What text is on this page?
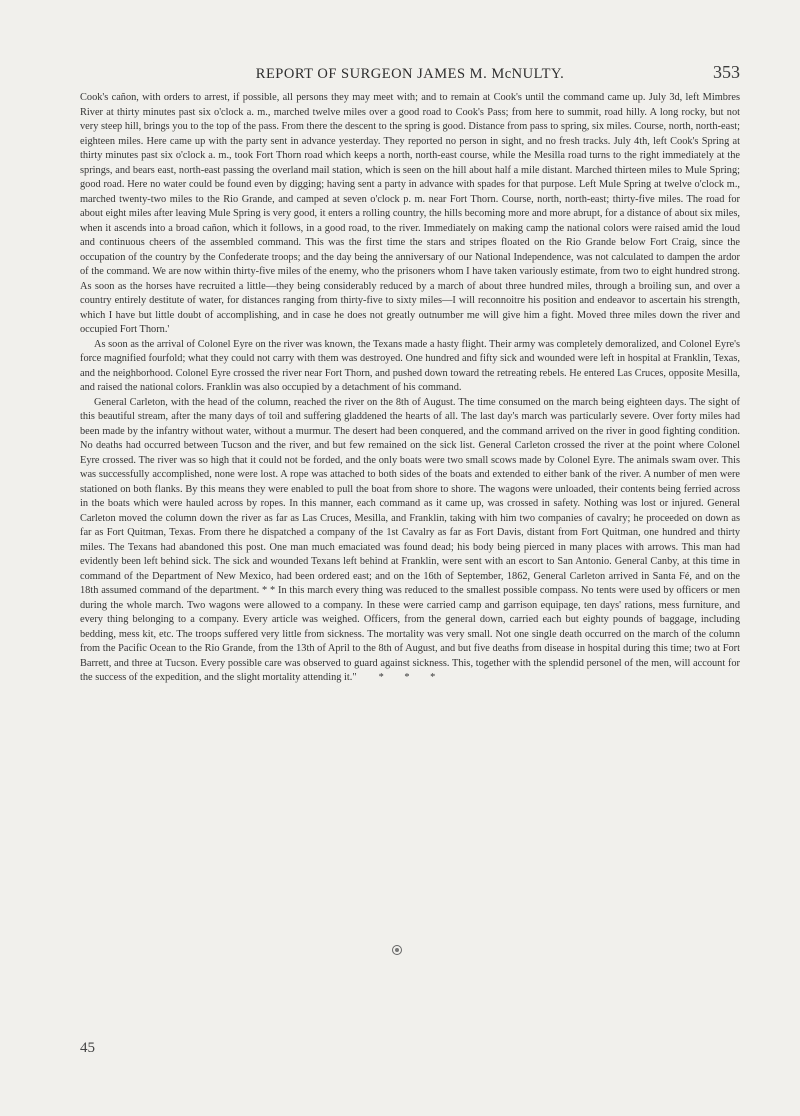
REPORT OF SURGEON JAMES M. McNULTY.	353

Cook's cañon, with orders to arrest, if possible, all persons they may meet with; and to remain at Cook's until the command came up. July 3d, left Mimbres River at thirty minutes past six o'clock a. m., marched twelve miles over a good road to Cook's Pass; from here to summit, road hilly. A long rocky, but not very steep hill, brings you to the top of the pass. From there the descent to the spring is good. Distance from pass to spring, six miles. Course, north, north-east; eighteen miles. Here came up with the party sent in advance yesterday. They reported no person in sight, and no fresh tracks. July 4th, left Cook's Spring at thirty minutes past six o'clock a. m., took Fort Thorn road which keeps a north, north-east course, while the Mesilla road turns to the right immediately at the springs, and bears east, north-east passing the overland mail station, which is seen on the hill about half a mile distant. Marched thirteen miles to Mule Spring; good road. Here no water could be found even by digging; having sent a party in advance with spades for that purpose. Left Mule Spring at twelve o'clock m., marched twenty-two miles to the Rio Grande, and camped at seven o'clock p. m. near Fort Thorn. Course, north, north-east; thirty-five miles. The road for about eight miles after leaving Mule Spring is very good, it enters a rolling country, the hills becoming more and more abrupt, for a distance of about six miles, when it ascends into a broad cañon, which it follows, in a good road, to the river. Immediately on making camp the national colors were raised amid the loud and continuous cheers of the assembled command. This was the first time the stars and stripes floated on the Rio Grande below Fort Craig, since the occupation of the country by the Confederate troops; and the day being the anniversary of our National Independence, was not calculated to dampen the ardor of the command. We are now within thirty-five miles of the enemy, who the prisoners whom I have taken variously estimate, from two to eight hundred strong. As soon as the horses have recruited a little—they being considerably reduced by a march of about three hundred miles, through a broiling sun, and over a country entirely destitute of water, for distances ranging from thirty-five to sixty miles—I will reconnoitre his position and endeavor to ascertain his strength, which I have but little doubt of accomplishing, and in case he does not greatly outnumber me will give him a fight. Moved three miles down the river and occupied Fort Thorn.'

As soon as the arrival of Colonel Eyre on the river was known, the Texans made a hasty flight. Their army was completely demoralized, and Colonel Eyre's force magnified fourfold; what they could not carry with them was destroyed. One hundred and fifty sick and wounded were left in hospital at Franklin, Texas, and the neighborhood. Colonel Eyre crossed the river near Fort Thorn, and pushed down toward the retreating rebels. He entered Las Cruces, opposite Mesilla, and raised the national colors. Franklin was also occupied by a detachment of his command.

General Carleton, with the head of the column, reached the river on the 8th of August. The time consumed on the march being eighteen days. The sight of this beautiful stream, after the many days of toil and suffering gladdened the hearts of all. The last day's march was particularly severe. Over forty miles had been made by the infantry without water, without a murmur. The desert had been conquered, and the command arrived on the river in good fighting condition. No deaths had occurred between Tucson and the river, and but few remained on the sick list. General Carleton crossed the river at the point where Colonel Eyre crossed. The river was so high that it could not be forded, and the only boats were two small scows made by Colonel Eyre. The animals swam over. This was successfully accomplished, none were lost. A rope was attached to both sides of the boats and extended to either bank of the river. A number of men were stationed on both flanks. By this means they were enabled to pull the boat from shore to shore. The wagons were unloaded, their contents being ferried across in the boats which were hauled across by ropes. In this manner, each command as it came up, was crossed in safety. Nothing was lost or injured. General Carleton moved the column down the river as far as Las Cruces, Mesilla, and Franklin, taking with him two companies of cavalry; he proceeded on down as far as Fort Quitman, Texas. From there he dispatched a company of the 1st Cavalry as far as Fort Davis, distant from Fort Quitman, one hundred and thirty miles. The Texans had abandoned this post. One man much emaciated was found dead; his body being pierced in many places with arrows. This man had evidently been left behind sick. The sick and wounded Texans left behind at Franklin, were sent with an escort to San Antonio. General Canby, at this time in command of the Department of New Mexico, had been ordered east; and on the 16th of September, 1862, General Carleton arrived in Santa Fé, and on the 18th assumed command of the department. * * In this march every thing was reduced to the smallest possible compass. No tents were used by officers or men during the whole march. Two wagons were allowed to a company. In these were carried camp and garrison equipage, ten days' rations, mess furniture, and every thing belonging to a company. Every article was weighed. Officers, from the general down, carried each but eighty pounds of baggage, including bedding, mess kit, etc. The troops suffered very little from sickness. The mortality was very small. Not one single death occurred on the march of the column from the Pacific Ocean to the Rio Grande, from the 13th of April to the 8th of August, and but five deaths from disease in hospital during this time; two at Fort Barrett, and three at Tucson. Every possible care was observed to guard against sickness. This, together with the splendid personel of the men, will account for the success of the expedition, and the slight mortality attending it." * * *

45
